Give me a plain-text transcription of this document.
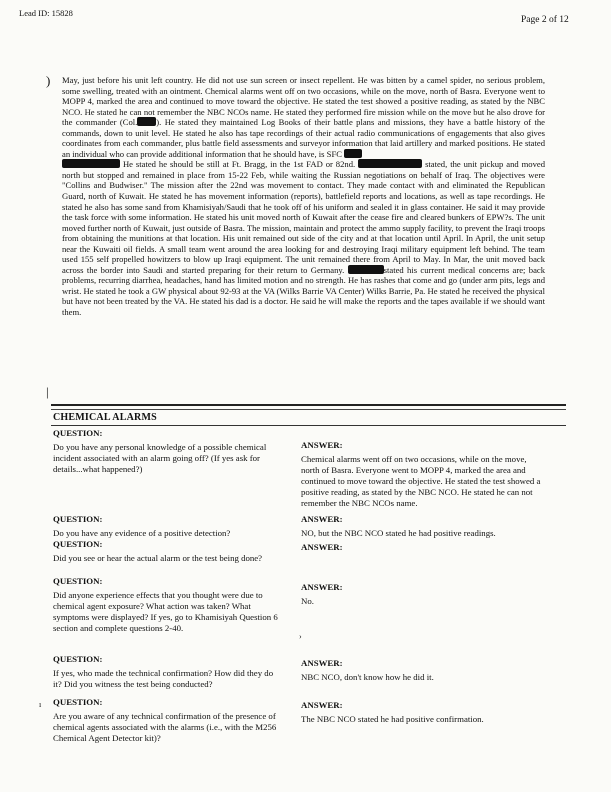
Lead ID: 15828
Page 2 of 12
)
|
May, just before his unit left country. He did not use sun screen or insect repellent. He was bitten by a camel spider, no serious problem, some swelling, treated with an ointment. Chemical alarms went off on two occasions, while on the move, north of Basra. Everyone went to MOPP 4, marked the area and continued to move toward the objective. He stated the test showed a positive reading, as stated by the NBC NCO. He stated he can not remember the NBC NCOs name. He stated they performed fire mission while on the move but he also drove for the commander (Col. ). He stated they maintained Log Books of their battle plans and missions, they have a battle history of the commands, down to unit level. He stated he also has tape recordings of their actual radio communications of engagements that also gives coordinates from each commander, plus battle field assessments and surveyor information that laid artillery and marked positions. He stated an individual who can provide additional information that he should have, is SFC
He stated he should be still at Ft. Bragg, in the 1st FAD or 82nd.	stated, the unit pickup and moved north but stopped and remained in place from 15-22 Feb, while waiting the Russian negotiations on behalf of Iraq. The objectives were "Collins and Budwiser." The mission after the 22nd was movement to contact. They made contact with and eliminated the Republican Guard, north of Kuwait. He stated he has movement information (reports), battlefield reports and locations, as well as tape recordings. He stated he also has some sand from Khamisiyah/Saudi that he took off of his uniform and sealed it in glass container. He said it may provide the task force with some information. He stated his unit moved north of Kuwait after the cease fire and cleared bunkers of EPW?s. The unit moved further north of Kuwait, just outside of Basra. The mission, maintain and protect the ammo supply facility, to prevent the Iraqi troops from obtaining the munitions at that location. His unit remained out side of the city and at that location until April. In April, the unit setup near the Kuwaiti oil fields. A small team went around the area looking for and destroying Iraqi military equipment left behind. The team used 155 self propelled howitzers to blow up Iraqi equipment. The unit remained there from April to May. In Mar, the unit moved back across the border into Saudi and started preparing for their return to Germany.	stated his current medical concerns are; back problems, recurring diarrhea, headaches, hand has limited motion and no strength. He has rashes that come and go (under arm pits, legs and wrist. He stated he took a GW physical about 92-93 at the VA (Wilks Barrie VA Center) Wilks Barrie, Pa. He stated he received the physical but have not been treated by the VA. He stated his dad is a doctor. He said he will make the reports and the tapes available if we should want them.
CHEMICAL ALARMS
QUESTION:

Do you have any personal knowledge of a possible chemical incident associated with an alarm going off? (If yes ask for details...what happened?)

ANSWER:

Chemical alarms went off on two occasions, while on the move, north of Basra. Everyone went to MOPP 4, marked the area and continued to move toward the objective. He stated the test showed a positive reading, as stated by the NBC NCO. He stated he can not remember the NBC NCOs name.

QUESTION:

Do you have any evidence of a positive detection?

ANSWER:

NO, but the NBC NCO stated he had positive readings.

QUESTION:

Did you see or hear the actual alarm or the test being done?

ANSWER:
QUESTION:

Did anyone experience effects that you thought were due to chemical agent exposure? What action was taken? What symptoms were displayed? If yes, go to Khamisiyah Question 6 section and complete questions 2-40.

ANSWER:

No.

›
QUESTION:

If yes, who made the technical confirmation? How did they do it? Did you witness the test being conducted?

ANSWER:

NBC NCO, don't know how he did it.

ı QUESTION:

Are you aware of any technical confirmation of the presence of chemical agents associated with the alarms (i.e., with the M256 Chemical Agent Detector kit)?

ANSWER:

The NBC NCO stated he had positive confirmation.
